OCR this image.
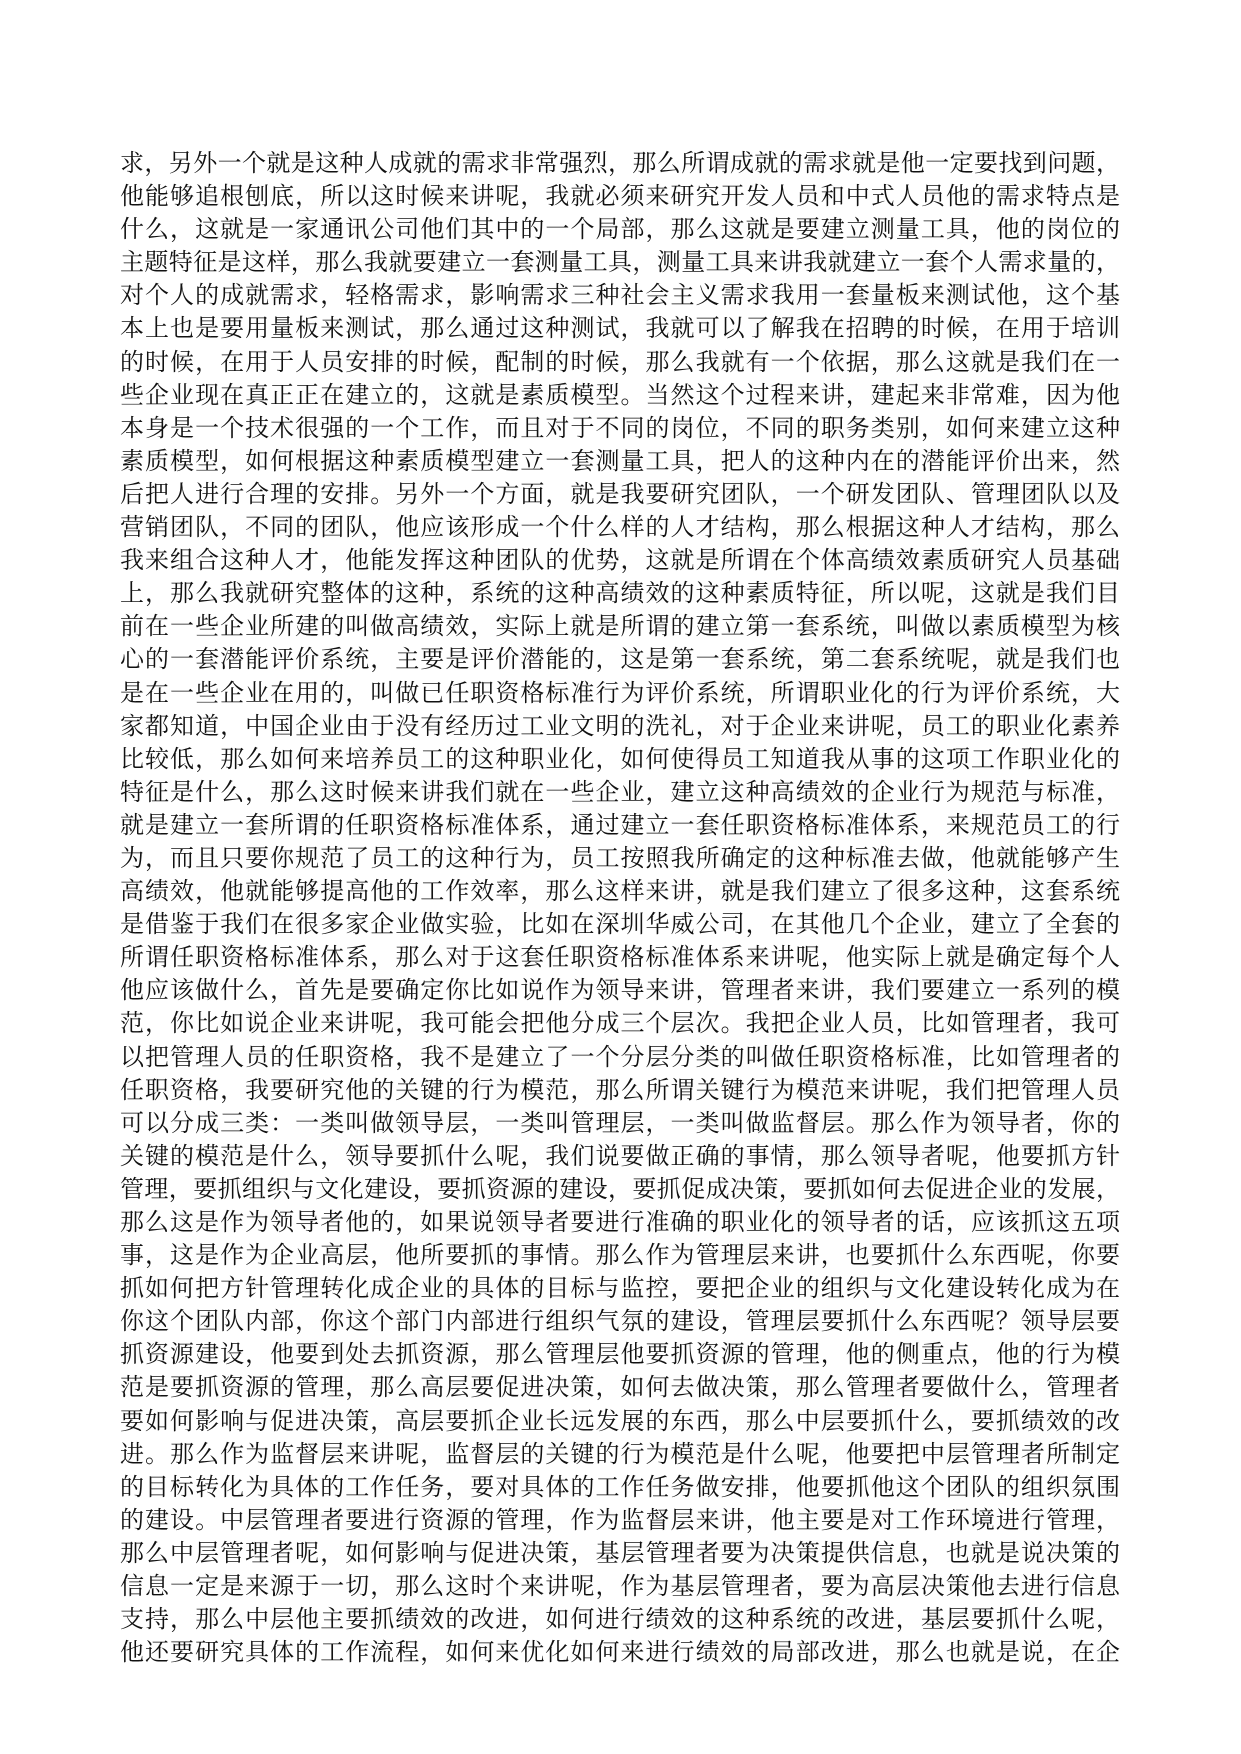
求，另外一个就是这种人成就的需求非常强烈，那么所谓成就的需求就是他一定要找到问题，
他能够追根刨底，所以这时候来讲呢，我就必须来研究开发人员和中式人员他的需求特点是
什么，这就是一家通讯公司他们其中的一个局部，那么这就是要建立测量工具，他的岗位的
主题特征是这样，那么我就要建立一套测量工具，测量工具来讲我就建立一套个人需求量的，
对个人的成就需求，轻格需求，影响需求三种社会主义需求我用一套量板来测试他，这个基
本上也是要用量板来测试，那么通过这种测试，我就可以了解我在招聘的时候，在用于培训
的时候，在用于人员安排的时候，配制的时候，那么我就有一个依据，那么这就是我们在一
些企业现在真正正在建立的，这就是素质模型。当然这个过程来讲，建起来非常难，因为他
本身是一个技术很强的一个工作，而且对于不同的岗位，不同的职务类别，如何来建立这种
素质模型，如何根据这种素质模型建立一套测量工具，把人的这种内在的潜能评价出来，然
后把人进行合理的安排。另外一个方面，就是我要研究团队，一个研发团队、管理团队以及
营销团队，不同的团队，他应该形成一个什么样的人才结构，那么根据这种人才结构，那么
我来组合这种人才，他能发挥这种团队的优势，这就是所谓在个体高绩效素质研究人员基础
上，那么我就研究整体的这种，系统的这种高绩效的这种素质特征，所以呢，这就是我们目
前在一些企业所建的叫做高绩效，实际上就是所谓的建立第一套系统，叫做以素质模型为核
心的一套潜能评价系统，主要是评价潜能的，这是第一套系统，第二套系统呢，就是我们也
是在一些企业在用的，叫做已任职资格标准行为评价系统，所谓职业化的行为评价系统，大
家都知道，中国企业由于没有经历过工业文明的洗礼，对于企业来讲呢，员工的职业化素养
比较低，那么如何来培养员工的这种职业化，如何使得员工知道我从事的这项工作职业化的
特征是什么，那么这时候来讲我们就在一些企业，建立这种高绩效的企业行为规范与标准，
就是建立一套所谓的任职资格标准体系，通过建立一套任职资格标准体系，来规范员工的行
为，而且只要你规范了员工的这种行为，员工按照我所确定的这种标准去做，他就能够产生
高绩效，他就能够提高他的工作效率，那么这样来讲，就是我们建立了很多这种，这套系统
是借鉴于我们在很多家企业做实验，比如在深圳华威公司，在其他几个企业，建立了全套的
所谓任职资格标准体系，那么对于这套任职资格标准体系来讲呢，他实际上就是确定每个人
他应该做什么，首先是要确定你比如说作为领导来讲，管理者来讲，我们要建立一系列的模
范，你比如说企业来讲呢，我可能会把他分成三个层次。我把企业人员，比如管理者，我可
以把管理人员的任职资格，我不是建立了一个分层分类的叫做任职资格标准，比如管理者的
任职资格，我要研究他的关键的行为模范，那么所谓关键行为模范来讲呢，我们把管理人员
可以分成三类：一类叫做领导层，一类叫管理层，一类叫做监督层。那么作为领导者，你的
关键的模范是什么，领导要抓什么呢，我们说要做正确的事情，那么领导者呢，他要抓方针
管理，要抓组织与文化建设，要抓资源的建设，要抓促成决策，要抓如何去促进企业的发展，
那么这是作为领导者他的，如果说领导者要进行准确的职业化的领导者的话，应该抓这五项
事，这是作为企业高层，他所要抓的事情。那么作为管理层来讲，也要抓什么东西呢，你要
抓如何把方针管理转化成企业的具体的目标与监控，要把企业的组织与文化建设转化成为在
你这个团队内部，你这个部门内部进行组织气氛的建设，管理层要抓什么东西呢？领导层要
抓资源建设，他要到处去抓资源，那么管理层他要抓资源的管理，他的侧重点，他的行为模
范是要抓资源的管理，那么高层要促进决策，如何去做决策，那么管理者要做什么，管理者
要如何影响与促进决策，高层要抓企业长远发展的东西，那么中层要抓什么，要抓绩效的改
进。那么作为监督层来讲呢，监督层的关键的行为模范是什么呢，他要把中层管理者所制定
的目标转化为具体的工作任务，要对具体的工作任务做安排，他要抓他这个团队的组织氛围
的建设。中层管理者要进行资源的管理，作为监督层来讲，他主要是对工作环境进行管理，
那么中层管理者呢，如何影响与促进决策，基层管理者要为决策提供信息，也就是说决策的
信息一定是来源于一切，那么这时个来讲呢，作为基层管理者，要为高层决策他去进行信息
支持，那么中层他主要抓绩效的改进，如何进行绩效的这种系统的改进，基层要抓什么呢，
他还要研究具体的工作流程，如何来优化如何来进行绩效的局部改进，那么也就是说，在企
